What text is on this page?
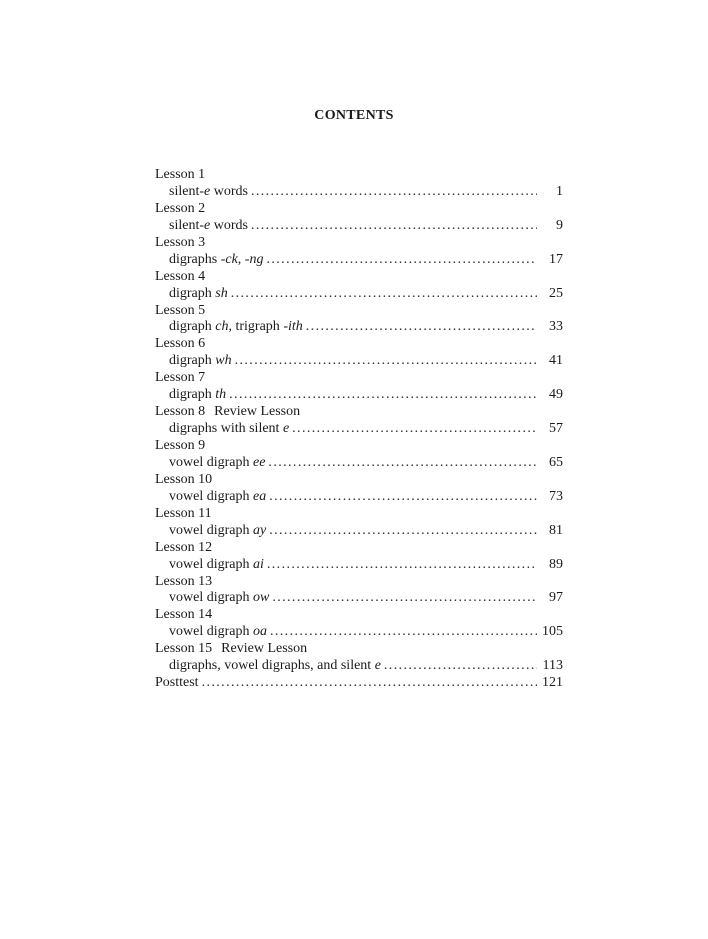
CONTENTS
Lesson 1
silent-e words . . .	1
Lesson 2
silent-e words . . .	9
Lesson 3
digraphs -ck, -ng . . .	17
Lesson 4
digraph sh . . .	25
Lesson 5
digraph ch, trigraph -ith . . .	33
Lesson 6
digraph wh . . .	41
Lesson 7
digraph th . . .	49
Lesson 8 Review Lesson
digraphs with silent e . . .	57
Lesson 9
vowel digraph ee . . .	65
Lesson 10
vowel digraph ea . . .	73
Lesson 11
vowel digraph ay . . .	81
Lesson 12
vowel digraph ai . . .	89
Lesson 13
vowel digraph ow . . .	97
Lesson 14
vowel digraph oa . . .	105
Lesson 15 Review Lesson
digraphs, vowel digraphs, and silent e . . .	113
Posttest . . .	121
